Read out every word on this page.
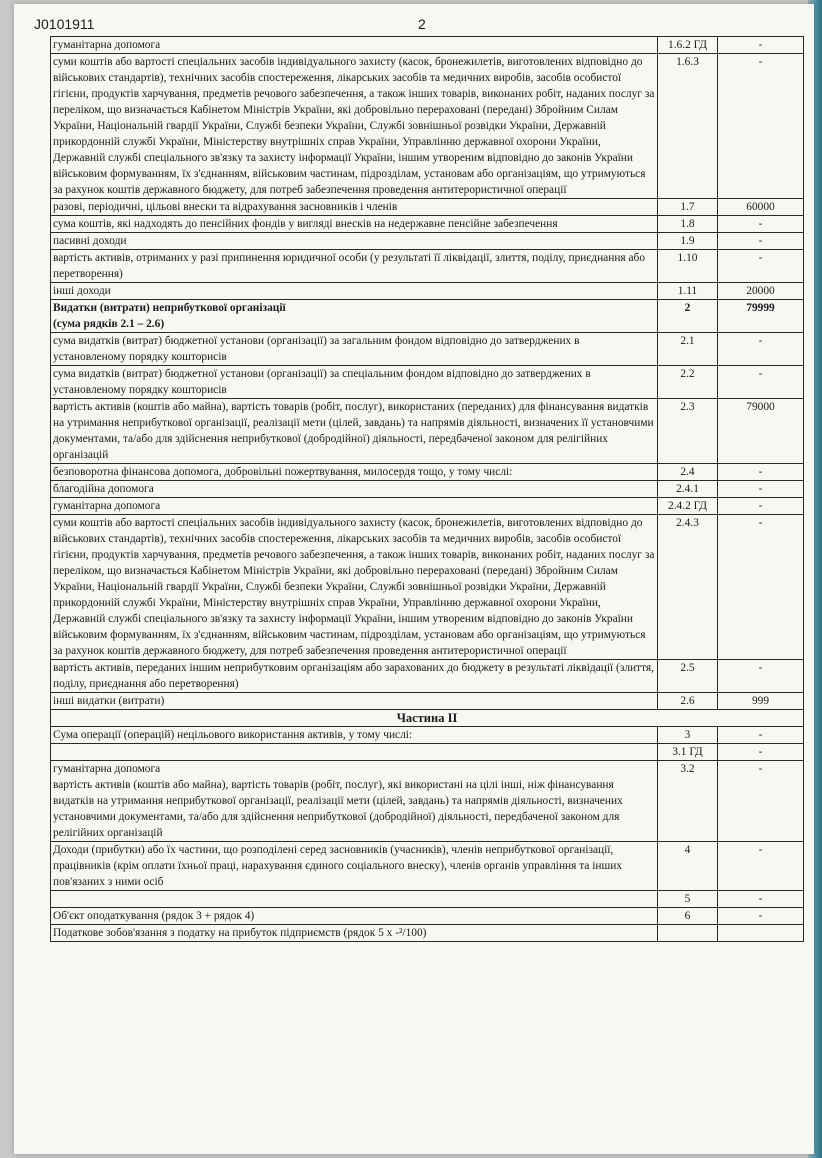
J0101911	2
гуманітарна допомога	1.6.2 ГД	-
суми коштів або вартості спеціальних засобів індивідуального захисту (касок, бронежилетів, виготовлених відповідно до військових стандартів), технічних засобів спостереження, лікарських засобів та медичних виробів, засобів особистої гігієни, продуктів харчування, предметів речового забезпечення, а також інших товарів, виконаних робіт, наданих послуг за переліком, що визначається Кабінетом Міністрів України, які добровільно перераховані (передані) Збройним Силам України, Національній гвардії України, Службі безпеки України, Службі зовнішньої розвідки України, Державній прикордонній службі України, Міністерству внутрішніх справ України, Управлінню державної охорони України, Державній службі спеціального зв'язку та захисту інформації України, іншим утвореним відповідно до законів України військовим формуванням, їх з'єднанням, військовим частинам, підрозділам, установам або організаціям, що утримуються за рахунок коштів державного бюджету, для потреб забезпечення проведення антитерористичної операції	1.6.3	-
разові, періодичні, цільові внески та відрахування засновників і членів	1.7	60000
сума коштів, які надходять до пенсійних фондів у вигляді внесків на недержавне пенсійне забезпечення	1.8	-
пасивні доходи	1.9	-
вартість активів, отриманих у разі припинення юридичної особи (у результаті її ліквідації, злиття, поділу, приєднання або перетворення)	1.10	-
інші доходи	1.11	20000
Видатки (витрати) неприбуткової організації
(сума рядків 2.1 – 2.6)	2	79999
сума видатків (витрат) бюджетної установи (організації) за загальним фондом відповідно до затверджених в установленому порядку кошторисів	2.1	-
сума видатків (витрат) бюджетної установи (організації) за спеціальним фондом відповідно до затверджених в установленому порядку кошторисів	2.2	-
вартість активів (коштів або майна), вартість товарів (робіт, послуг), використаних (переданих) для фінансування видатків на утримання неприбуткової організації, реалізації мети (цілей, завдань) та напрямів діяльності, визначених її установчими документами, та/або для здійснення неприбуткової (добродійної) діяльності, передбаченої законом для релігійних організацій	2.3	79000
безповоротна фінансова допомога, добровільні пожертвування, милосердя тощо, у тому числі:	2.4	-
благодійна допомога	2.4.1	-
гуманітарна допомога	2.4.2 ГД	-
суми коштів або вартості спеціальних засобів індивідуального захисту (касок, бронежилетів, виготовлених відповідно до військових стандартів), технічних засобів спостереження, лікарських засобів та медичних виробів, засобів особистої гігієни, продуктів харчування, предметів речового забезпечення, а також інших товарів, виконаних робіт, наданих послуг за переліком, що визначається Кабінетом Міністрів України, які добровільно перераховані (передані) Збройним Силам України, Національній гвардії України, Службі безпеки України, Службі зовнішньої розвідки України, Державній прикордонній службі України, Міністерству внутрішніх справ України, Управлінню державної охорони України, Державній службі спеціального зв'язку та захисту інформації України, іншим утвореним відповідно до законів України військовим формуванням, їх з'єднанням, військовим частинам, підрозділам, установам або організаціям, що утримуються за рахунок коштів державного бюджету, для потреб забезпечення проведення антитерористичної операції	2.4.3	-
вартість активів, переданих іншим неприбутковим організаціям або зарахованих до бюджету в результаті ліквідації (злиття, поділу, приєднання або перетворення)	2.5	-
інші видатки (витрати)	2.6	999
Частина II		
Сума операції (операцій) нецільового використання активів, у тому числі:	3	-
	3.1 ГД	-
гуманітарна допомога
вартість активів (коштів або майна), вартість товарів (робіт, послуг), які використані на цілі інші, ніж фінансування видатків на утримання неприбуткової організації, реалізації мети (цілей, завдань) та напрямів діяльності, визначених установчими документами, та/або для здійснення неприбуткової (добродійної) діяльності, передбаченої законом для релігійних організацій	3.2	-
Доходи (прибутки) або їх частини, що розподілені серед засновників (учасників), членів неприбуткової організації, працівників (крім оплати їхньої праці, нарахування єдиного соціального внеску), членів органів управління та інших пов'язаних з ними осіб	4	-
	5	-
Об'єкт оподаткування (рядок 3 + рядок 4)	6	-
Податкове зобов'язання з податку на прибуток підприємств (рядок 5 х -²/100)		
